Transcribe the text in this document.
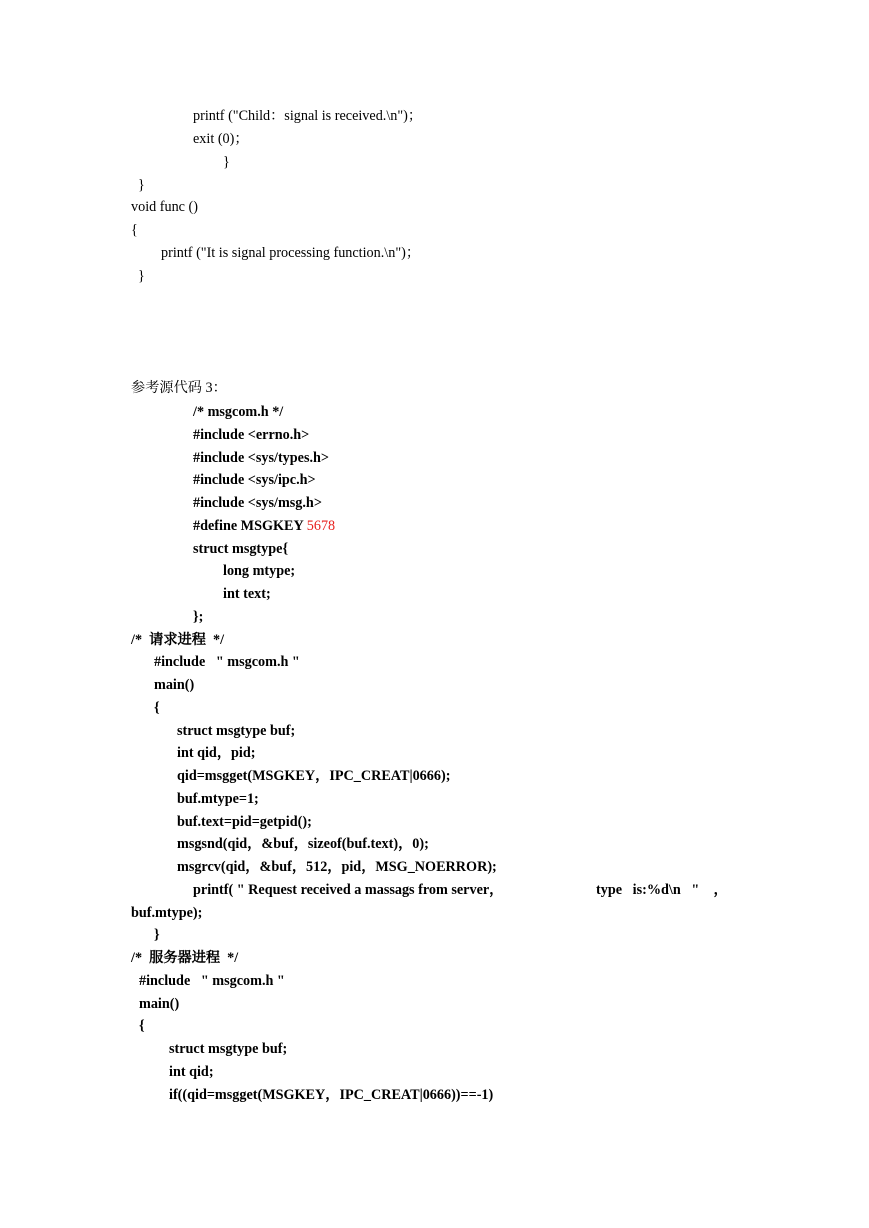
printf ("Child：signal is received.\n")；
exit (0)；
}
}
void func ()
{
printf ("It is signal processing function.\n")；
}
参考源代码 3：
/* msgcom.h */
#include <errno.h>
#include <sys/types.h>
#include <sys/ipc.h>
#include <sys/msg.h>
#define MSGKEY 5678
struct msgtype{
long mtype;
int text;
};
/*  请求进程  */
#include   " msgcom.h "
main()
{
struct msgtype buf;
int qid，pid;
qid=msgget(MSGKEY，IPC_CREAT|0666);
buf.mtype=1;
buf.text=pid=getpid();
msgsnd(qid，&buf，sizeof(buf.text)，0);
msgrcv(qid，&buf，512，pid，MSG_NOERROR);
printf( " Request received a massags from server，	type   is:%d\n   "    ，
buf.mtype);
}
/*  服务器进程  */
#include   " msgcom.h "
main()
{
struct msgtype buf;
int qid;
if((qid=msgget(MSGKEY，IPC_CREAT|0666))==-1)
